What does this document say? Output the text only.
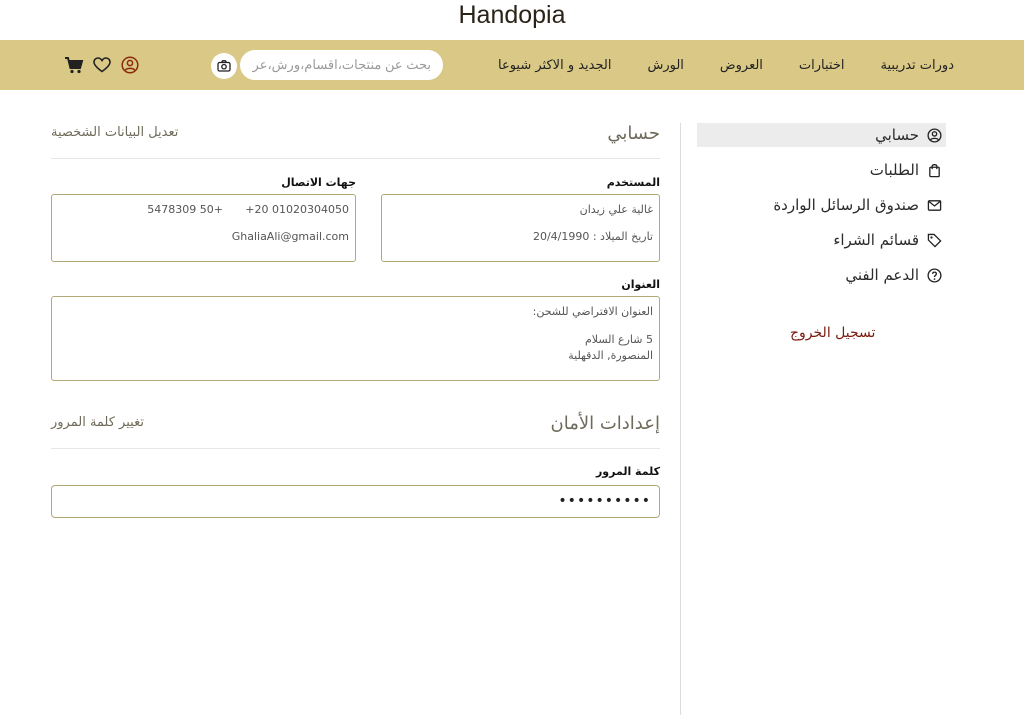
Handopia
الجديد و الاكثر شيوعا	الورش	العروض	اختبارات	دورات تدريبية
بحث عن منتجات،اقسام،ورش،عرو
حسابي
الطلبات
صندوق الرسائل الواردة
قسائم الشراء
الدعم الفني
تسجيل الخروج
حسابي
تعديل البيانات الشخصية
المستخدم
جهات الاتصال
غالية علي زيدان
تاريخ الميلاد : 20/4/1990
01020304050 20+
+50 5478309
GhaliaAli@gmail.com
العنوان
العنوان الافتراضي للشحن:
5 شارع السلام
المنصورة, الدقهلية
إعدادات الأمان
تغيير كلمة المرور
كلمة المرور
••••••••••
